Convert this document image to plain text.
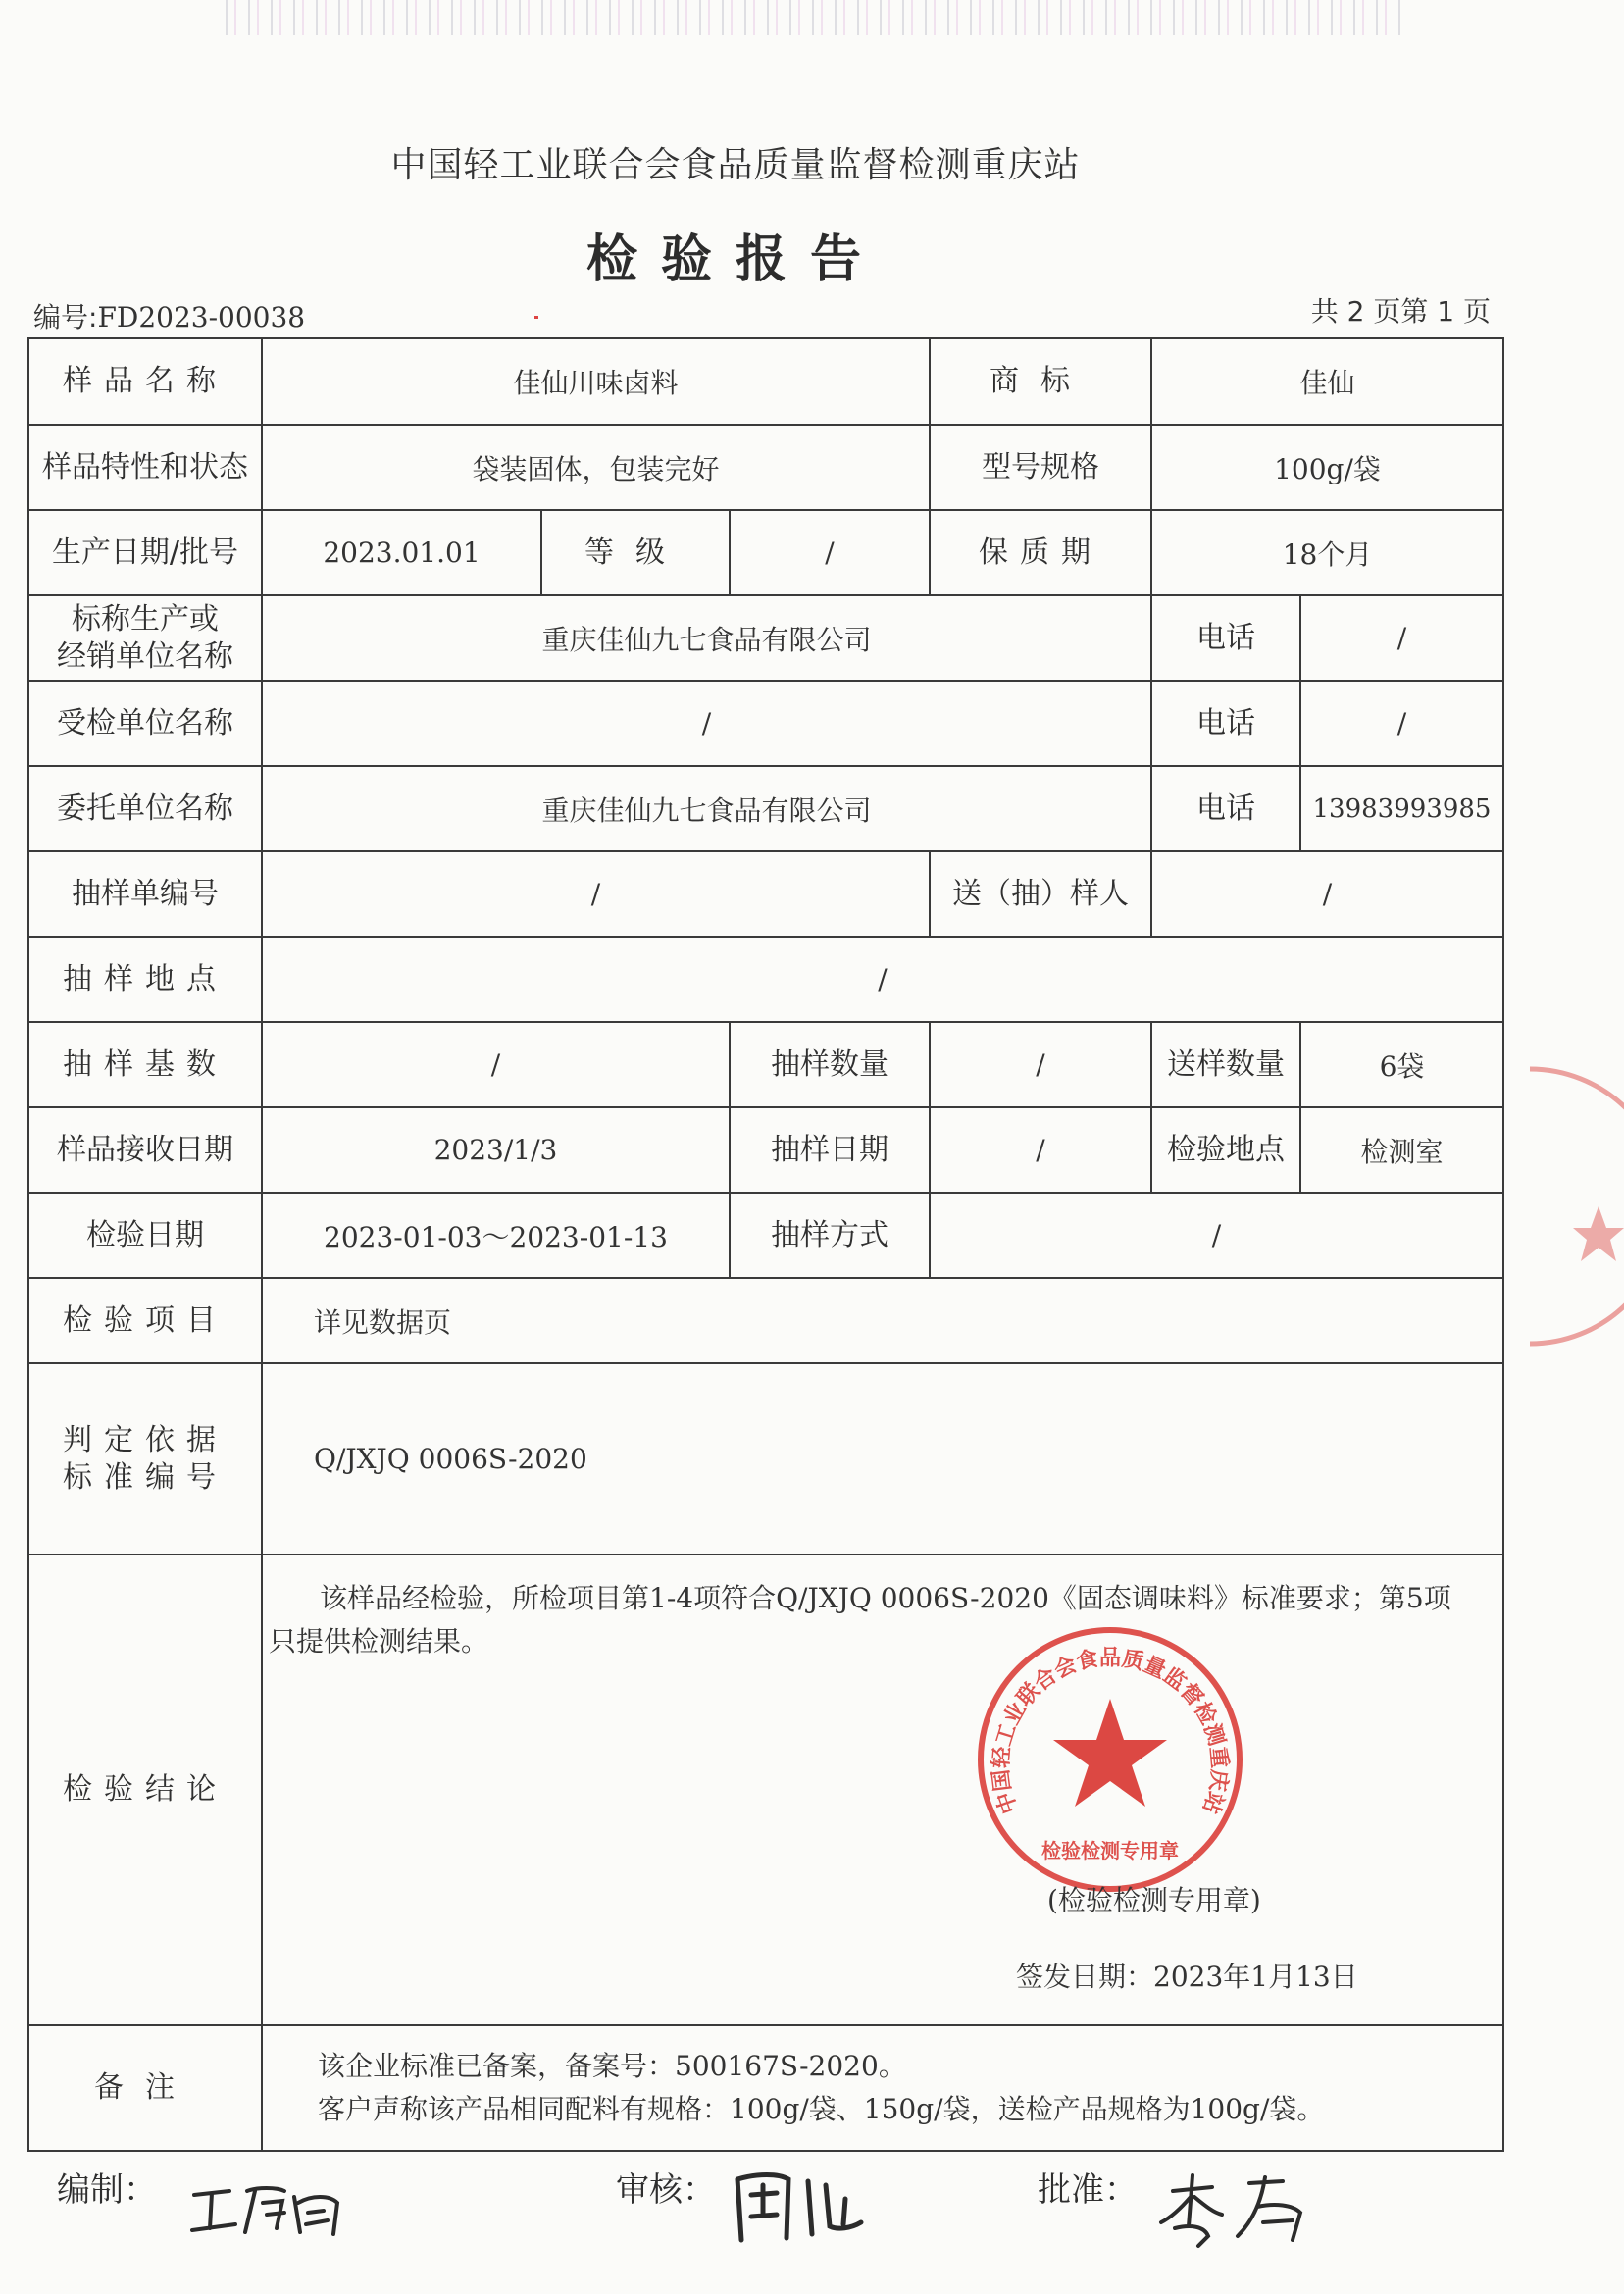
中国轻工业联合会食品质量监督检测重庆站
检验报告
编号:FD2023-00038	共 2 页第 1 页
样品名称	佳仙川味卤料			商标	佳仙	
样品特性和状态	袋装固体，包装完好			型号规格	100g/袋	
生产日期/批号	2023.01.01	等级	/	保质期	18个月	
标称生产或
经销单位名称	重庆佳仙九七食品有限公司				电话	/
受检单位名称	/				电话	/
委托单位名称	重庆佳仙九七食品有限公司				电话	13983993985
抽样单编号	/			送（抽）样人	/	
抽样地点	/					
抽样基数	/		抽样数量	/	送样数量	6袋
样品接收日期	2023/1/3		抽样日期	/	检验地点	检测室
检验日期	2023-01-03～2023-01-13		抽样方式	/		
检验项目	详见数据页					
判定依据
标准编号	Q/JXJQ 0006S-2020					
检验结论	该样品经检验，所检项目第1-4项符合Q/JXJQ 0006S-2020《固态调味料》标准要求；第5项只提供检测结果。
中国轻工业联合会食品质量监督检测重庆站
检验检测专用章
(检验检测专用章)
签发日期：2023年1月13日					

备注	该企业标准已备案，备案号：500167S-2020。
客户声称该产品相同配料有规格：100g/袋、150g/袋，送检产品规格为100g/袋。					
编制：	审核：	批准：
